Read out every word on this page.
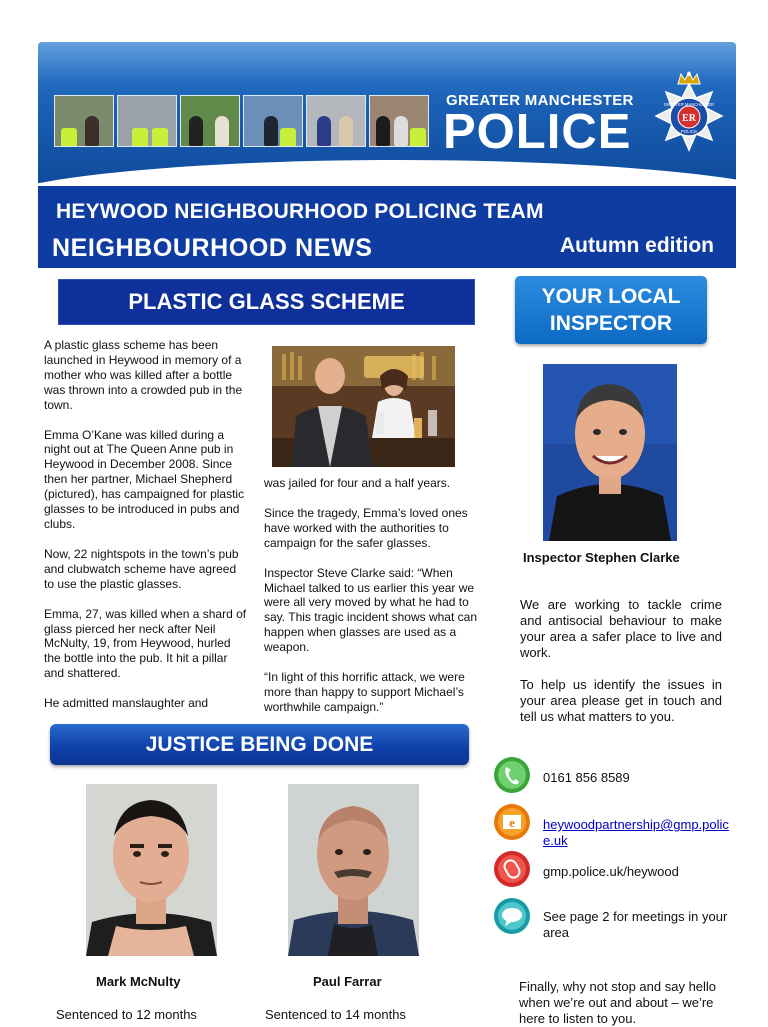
GREATER MANCHESTER
POLICE	ER
GREATER MANCHESTER
POLICE
HEYWOOD NEIGHBOURHOOD POLICING TEAM
NEIGHBOURHOOD NEWS	Autumn edition
PLASTIC GLASS SCHEME

A plastic glass scheme has been launched in Heywood in memory of a mother who was killed after a bottle was thrown into a crowded pub in the town.

Emma O’Kane was killed during a night out at The Queen Anne pub in Heywood in December 2008. Since then her partner, Michael Shepherd (pictured), has campaigned for plastic glasses to be introduced in pubs and clubs.

Now, 22 nightspots in the town’s pub and clubwatch scheme have agreed to use the plastic glasses.

Emma, 27, was killed when a shard of glass pierced her neck after Neil McNulty, 19, from Heywood, hurled the bottle into the pub. It hit a pillar and shattered.

He admitted manslaughter and

was jailed for four and a half years.

Since the tragedy, Emma’s loved ones have worked with the authorities to campaign for the safer glasses.

Inspector Steve Clarke said: “When Michael talked to us earlier this year we were all very moved by what he had to say. This tragic incident shows what can happen when glasses are used as a weapon.

“In light of this horrific attack, we were more than happy to support Michael’s worthwhile campaign.”

YOUR LOCAL
INSPECTOR
Inspector Stephen Clarke

We are working to tackle crime and antisocial behaviour to make your area a safer place to live and work.

To help us identify the issues in your area please get in touch and tell us what matters to you.

0161 856 8589
e heywoodpartnership@gmp.police.uk
gmp.police.uk/heywood
See page 2 for meetings in your area
Finally, why not stop and say hello when we’re out and about – we’re here to listen to you.
JUSTICE BEING DONE
Mark McNulty
Sentenced to 12 months
Paul Farrar
Sentenced to 14 months
